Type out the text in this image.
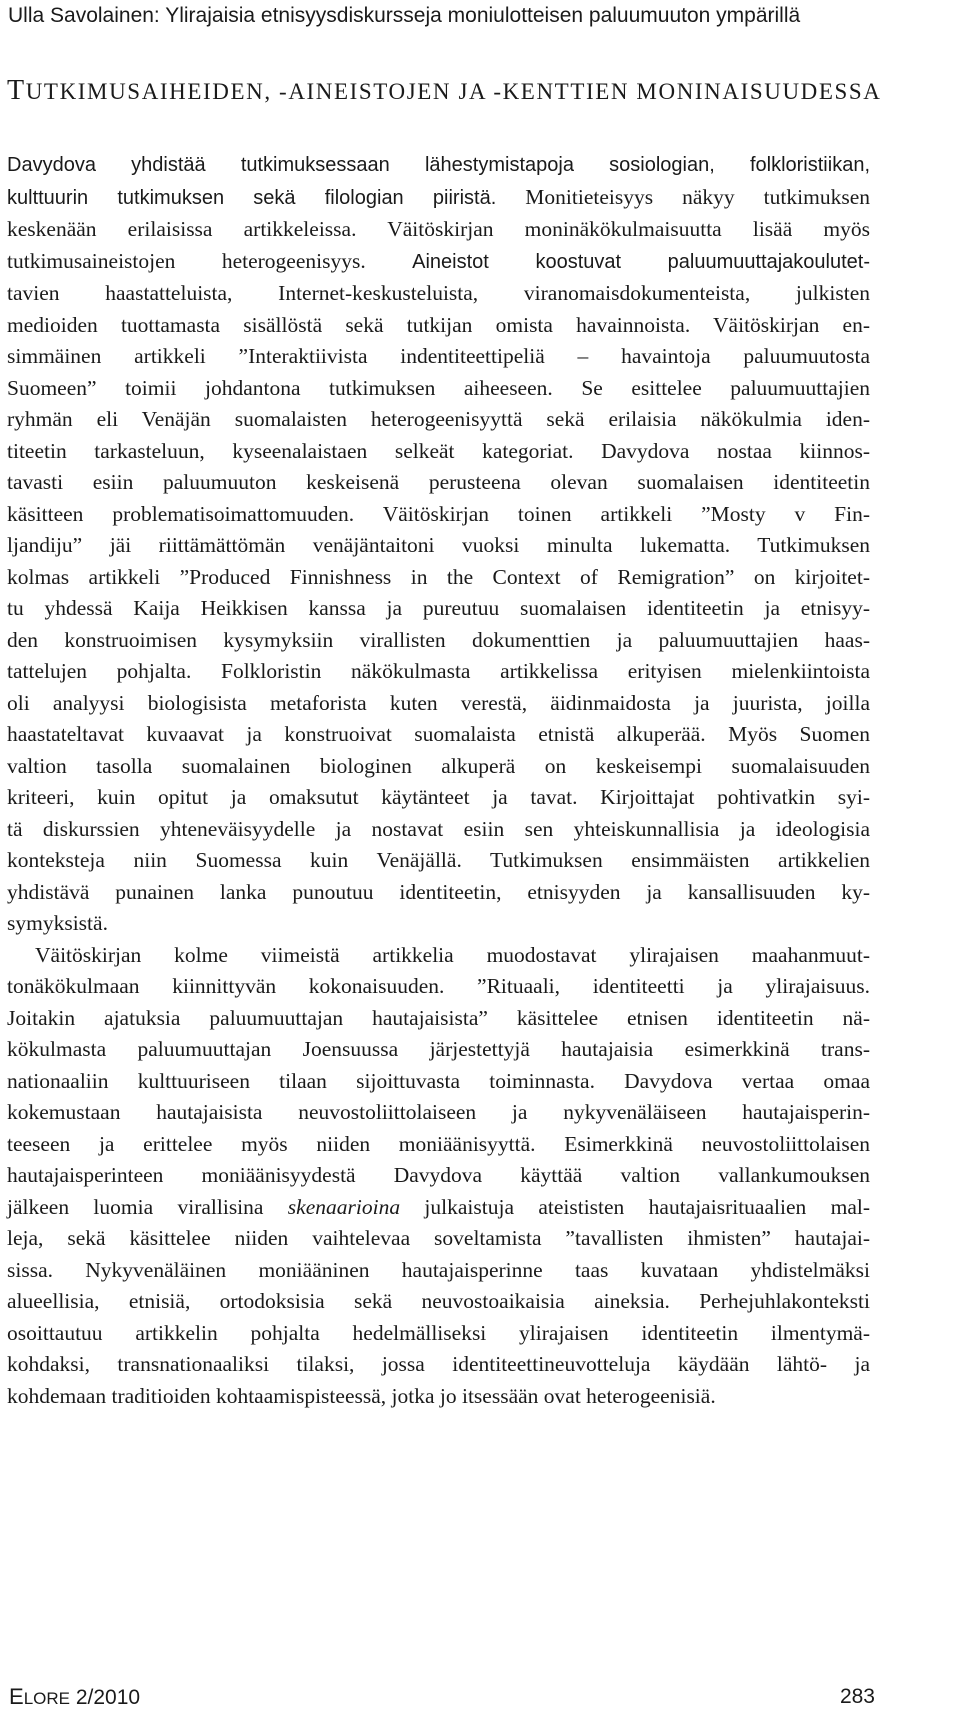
Ulla Savolainen: Ylirajaisia etnisyysdiskursseja moniulotteisen paluumuuton ympärillä
TUTKIMUSAIHEIDEN, -AINEISTOJEN JA -KENTTIEN MONINAISUUDESSA
Davydova yhdistää tutkimuksessaan lähestymistapoja sosiologian, folkloristiikan,
kulttuurin tutkimuksen sekä filologian piiristä. Monitieteisyys näkyy tutkimuksen
keskenään erilaisissa artikkeleissa. Väitöskirjan moninäkökulmaisuutta lisää myös
tutkimusaineistojen heterogeenisyys. Aineistot koostuvat paluumuuttajakoulutet-
tavien haastatteluista, Internet-keskusteluista, viranomaisdokumenteista, julkisten
medioiden tuottamasta sisällöstä sekä tutkijan omista havainnoista. Väitöskirjan en-
simmäinen artikkeli ”Interaktiivista indentiteettipeliä – havaintoja paluumuutosta
Suomeen” toimii johdantona tutkimuksen aiheeseen. Se esittelee paluumuuttajien
ryhmän eli Venäjän suomalaisten heterogeenisyyttä sekä erilaisia näkökulmia iden-
titeetin tarkasteluun, kyseenalaistaen selkeät kategoriat. Davydova nostaa kiinnos-
tavasti esiin paluumuuton keskeisenä perusteena olevan suomalaisen identiteetin
käsitteen problematisoimattomuuden. Väitöskirjan toinen artikkeli ”Mosty v Fin-
ljandiju” jäi riittämättömän venäjäntaitoni vuoksi minulta lukematta. Tutkimuksen
kolmas artikkeli ”Produced Finnishness in the Context of Remigration” on kirjoitet-
tu yhdessä Kaija Heikkisen kanssa ja pureutuu suomalaisen identiteetin ja etnisyy-
den konstruoimisen kysymyksiin virallisten dokumenttien ja paluumuuttajien haas-
tattelujen pohjalta. Folkloristin näkökulmasta artikkelissa erityisen mielenkiintoista
oli analyysi biologisista metaforista kuten verestä, äidinmaidosta ja juurista, joilla
haastateltavat kuvaavat ja konstruoivat suomalaista etnistä alkuperää. Myös Suomen
valtion tasolla suomalainen biologinen alkuperä on keskeisempi suomalaisuuden
kriteeri, kuin opitut ja omaksutut käytänteet ja tavat. Kirjoittajat pohtivatkin syi-
tä diskurssien yhteneväisyydelle ja nostavat esiin sen yhteiskunnallisia ja ideologisia
konteksteja niin Suomessa kuin Venäjällä. Tutkimuksen ensimmäisten artikkelien
yhdistävä punainen lanka punoutuu identiteetin, etnisyyden ja kansallisuuden ky-
symyksistä.
Väitöskirjan kolme viimeistä artikkelia muodostavat ylirajaisen maahanmuut-
tonäkökulmaan kiinnittyvän kokonaisuuden. ”Rituaali, identiteetti ja ylirajaisuus.
Joitakin ajatuksia paluumuuttajan hautajaisista” käsittelee etnisen identiteetin nä-
kökulmasta paluumuuttajan Joensuussa järjestettyjä hautajaisia esimerkkinä trans-
nationaaliin kulttuuriseen tilaan sijoittuvasta toiminnasta. Davydova vertaa omaa
kokemustaan hautajaisista neuvostoliittolaiseen ja nykyvenäläiseen hautajaisperin-
teeseen ja erittelee myös niiden moniäänisyyttä. Esimerkkinä neuvostoliittolaisen
hautajaisperinteen moniäänisyydestä Davydova käyttää valtion vallankumouksen
jälkeen luomia virallisina skenaarioina julkaistuja ateististen hautajaisrituaalien mal-
leja, sekä käsittelee niiden vaihtelevaa soveltamista ”tavallisten ihmisten” hautajai-
sissa. Nykyvenäläinen moniääninen hautajaisperinne taas kuvataan yhdistelmäksi
alueellisia, etnisiä, ortodoksisia sekä neuvostoaikaisia aineksia. Perhejuhlakonteksti
osoittautuu artikkelin pohjalta hedelmälliseksi ylirajaisen identiteetin ilmentymä-
kohdaksi, transnationaaliksi tilaksi, jossa identiteettineuvotteluja käydään lähtö- ja
kohdemaan traditioiden kohtaamispisteessä, jotka jo itsessään ovat heterogeenisiä.
ELORE 2/2010	283
